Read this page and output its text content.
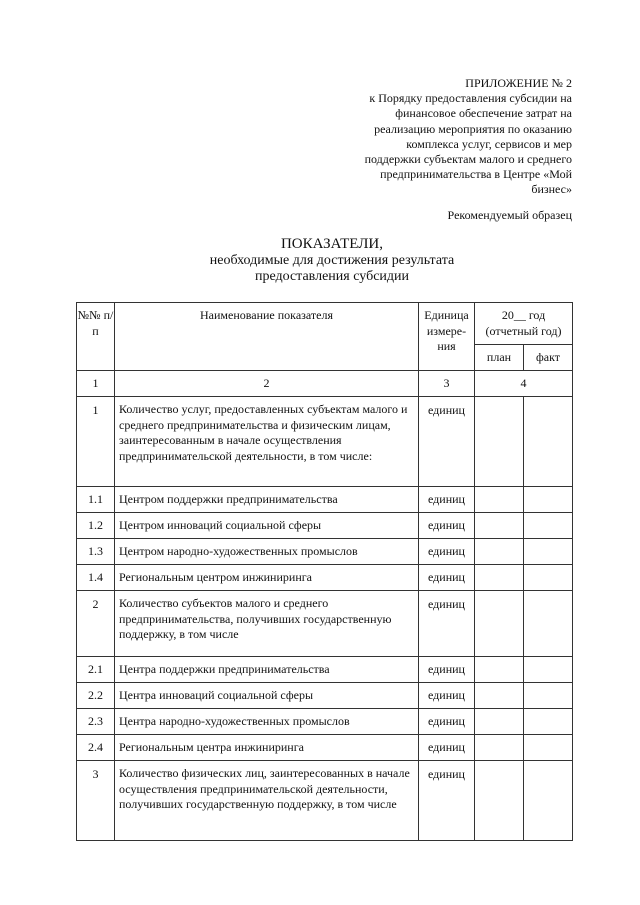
ПРИЛОЖЕНИЕ № 2
к Порядку предоставления субсидии на
финансовое обеспечение затрат на
реализацию мероприятия по оказанию
комплекса услуг, сервисов и мер
поддержки субъектам малого и среднего
предпринимательства в Центре «Мой
бизнес»
Рекомендуемый образец
ПОКАЗАТЕЛИ,
необходимые для достижения результата
предоставления субсидии
№№ п/п	Наименование показателя	Единица измере-ния	20__ год
(отчетный год)	
			план	факт
1	2	3	4	
1	Количество услуг, предоставленных субъектам малого и среднего предпринимательства и физическим лицам, заинтересованным в начале осуществления предпринимательской деятельности, в том числе:	единиц		
1.1	Центром поддержки предпринимательства	единиц		
1.2	Центром инноваций социальной сферы	единиц		
1.3	Центром народно-художественных промыслов	единиц		
1.4	Региональным центром инжиниринга	единиц		
2	Количество субъектов малого и среднего предпринимательства, получивших государственную поддержку, в том числе	единиц		
2.1	Центра поддержки предпринимательства	единиц		
2.2	Центра инноваций социальной сферы	единиц		
2.3	Центра народно-художественных промыслов	единиц		
2.4	Региональным центра инжиниринга	единиц		
3	Количество физических лиц, заинтересованных в начале осуществления предпринимательской деятельности, получивших государственную поддержку, в том числе	единиц		
